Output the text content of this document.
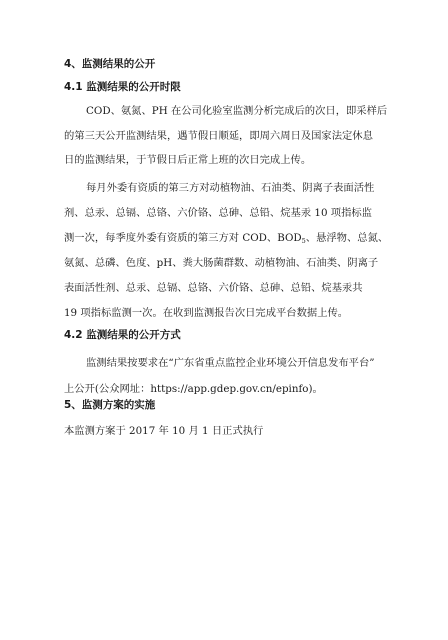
4、监测结果的公开
4.1 监测结果的公开时限
COD、氨氮、PH 在公司化验室监测分析完成后的次日，即采样后
的第三天公开监测结果，遇节假日顺延，即周六周日及国家法定休息
日的监测结果，于节假日后正常上班的次日完成上传。
每月外委有资质的第三方对动植物油、石油类、阴离子表面活性
剂、总汞、总镉、总铬、六价铬、总砷、总铅、烷基汞 10 项指标监
测一次，每季度外委有资质的第三方对 COD、BOD5、悬浮物、总氮、
氨氮、总磷、色度、pH、粪大肠菌群数、动植物油、石油类、阴离子
表面活性剂、总汞、总镉、总铬、六价铬、总砷、总铅、烷基汞共
19 项指标监测一次。在收到监测报告次日完成平台数据上传。
4.2 监测结果的公开方式
监测结果按要求在“广东省重点监控企业环境公开信息发布平台”
上公开(公众网址：https://app.gdep.gov.cn/epinfo)。
5、监测方案的实施
本监测方案于 2017 年 10 月 1 日正式执行
